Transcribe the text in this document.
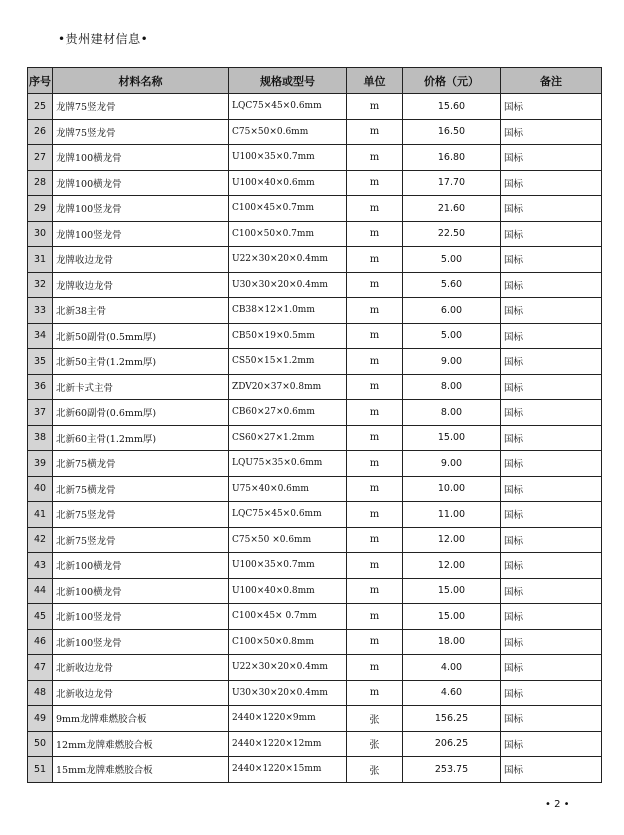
•贵州建材信息•
序号	材料名称	规格或型号	单位	价格（元）	备注
25	龙牌75竖龙骨	LQC75×45×0.6mm	m	15.60	国标
26	龙牌75竖龙骨	C75×50×0.6mm	m	16.50	国标
27	龙牌100横龙骨	U100×35×0.7mm	m	16.80	国标
28	龙牌100横龙骨	U100×40×0.6mm	m	17.70	国标
29	龙牌100竖龙骨	C100×45×0.7mm	m	21.60	国标
30	龙牌100竖龙骨	C100×50×0.7mm	m	22.50	国标
31	龙牌收边龙骨	U22×30×20×0.4mm	m	5.00	国标
32	龙牌收边龙骨	U30×30×20×0.4mm	m	5.60	国标
33	北新38主骨	CB38×12×1.0mm	m	6.00	国标
34	北新50副骨(0.5mm厚)	CB50×19×0.5mm	m	5.00	国标
35	北新50主骨(1.2mm厚)	CS50×15×1.2mm	m	9.00	国标
36	北新卡式主骨	ZDV20×37×0.8mm	m	8.00	国标
37	北新60副骨(0.6mm厚)	CB60×27×0.6mm	m	8.00	国标
38	北新60主骨(1.2mm厚)	CS60×27×1.2mm	m	15.00	国标
39	北新75横龙骨	LQU75×35×0.6mm	m	9.00	国标
40	北新75横龙骨	U75×40×0.6mm	m	10.00	国标
41	北新75竖龙骨	LQC75×45×0.6mm	m	11.00	国标
42	北新75竖龙骨	C75×50 ×0.6mm	m	12.00	国标
43	北新100横龙骨	U100×35×0.7mm	m	12.00	国标
44	北新100横龙骨	U100×40×0.8mm	m	15.00	国标
45	北新100竖龙骨	C100×45× 0.7mm	m	15.00	国标
46	北新100竖龙骨	C100×50×0.8mm	m	18.00	国标
47	北新收边龙骨	U22×30×20×0.4mm	m	4.00	国标
48	北新收边龙骨	U30×30×20×0.4mm	m	4.60	国标
49	9mm龙牌难燃胶合板	2440×1220×9mm	张	156.25	国标
50	12mm龙牌难燃胶合板	2440×1220×12mm	张	206.25	国标
51	15mm龙牌难燃胶合板	2440×1220×15mm	张	253.75	国标
• 2 •
